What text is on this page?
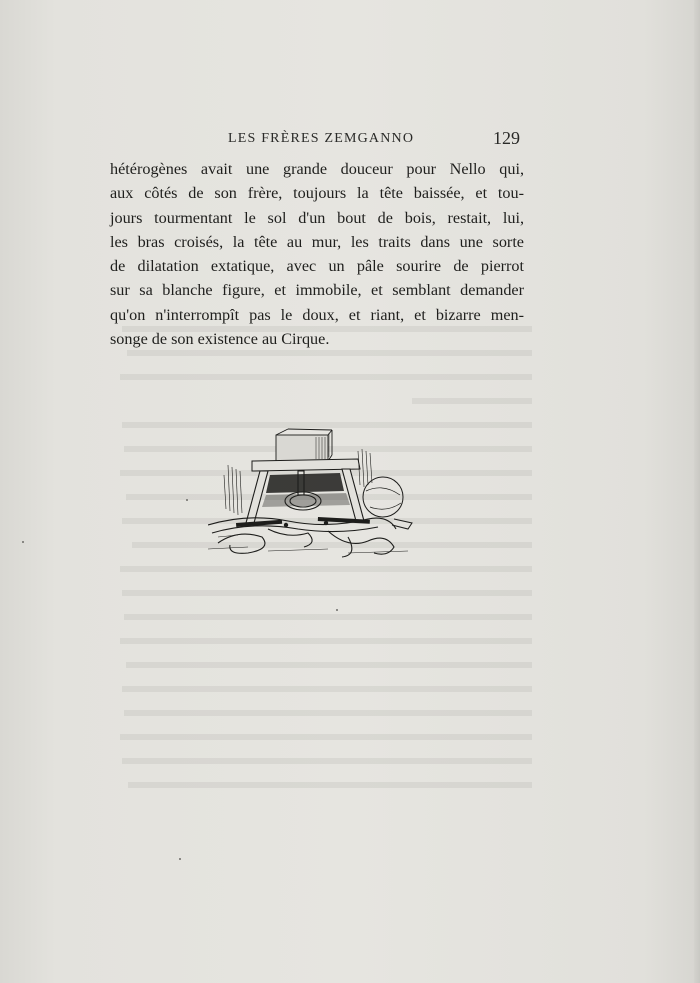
LES FRÈRES ZEMGANNO	129
hétérogènes avait une grande douceur pour Nello qui,
aux côtés de son frère, toujours la tête baissée, et tou-
jours tourmentant le sol d'un bout de bois, restait, lui,
les bras croisés, la tête au mur, les traits dans une sorte
de dilatation extatique, avec un pâle sourire de pierrot
sur sa blanche figure, et immobile, et semblant demander
qu'on n'interrompît pas le doux, et riant, et bizarre men-
songe de son existence au Cirque.
